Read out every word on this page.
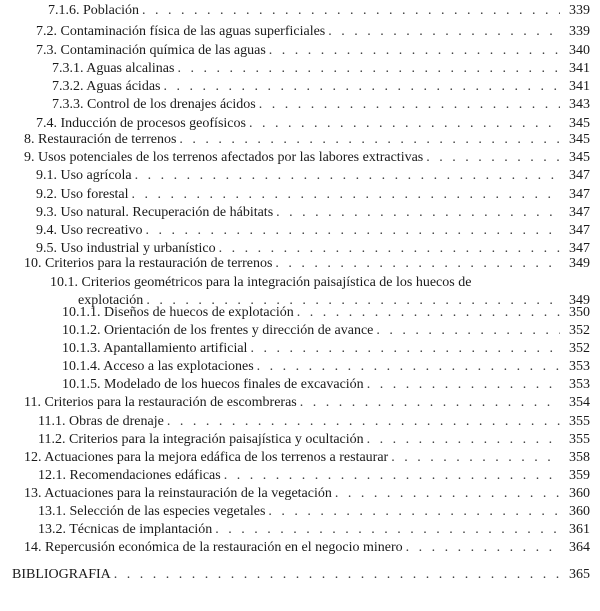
7.1.6. Población . . .	339
7.2. Contaminación física de las aguas superficiales . . .	339
7.3. Contaminación química de las aguas . . .	340
7.3.1. Aguas alcalinas . . .	341
7.3.2. Aguas ácidas . . .	341
7.3.3. Control de los drenajes ácidos . . .	343
7.4. Inducción de procesos geofísicos . . .	345
8. Restauración de terrenos . . .	345
9. Usos potenciales de los terrenos afectados por las labores extractivas . . .	345
9.1. Uso agrícola . . .	347
9.2. Uso forestal . . .	347
9.3. Uso natural. Recuperación de hábitats . . .	347
9.4. Uso recreativo . . .	347
9.5. Uso industrial y urbanístico . . .	347
10. Criterios para la restauración de terrenos . . .	349
10.1. Criterios geométricos para la integración paisajística de los huecos de
explotación . . .	349
10.1.1. Diseños de huecos de explotación . . .	350
10.1.2. Orientación de los frentes y dirección de avance . . .	352
10.1.3. Apantallamiento artificial . . .	352
10.1.4. Acceso a las explotaciones . . .	353
10.1.5. Modelado de los huecos finales de excavación . . .	353
11. Criterios para la restauración de escombreras . . .	354
11.1. Obras de drenaje . . .	355
11.2. Criterios para la integración paisajística y ocultación . . .	355
12. Actuaciones para la mejora edáfica de los terrenos a restaurar . . .	358
12.1. Recomendaciones edáficas . . .	359
13. Actuaciones para la reinstauración de la vegetación . . .	360
13.1. Selección de las especies vegetales . . .	360
13.2. Técnicas de implantación . . .	361
14. Repercusión económica de la restauración en el negocio minero . . .	364
BIBLIOGRAFIA . . .	365
